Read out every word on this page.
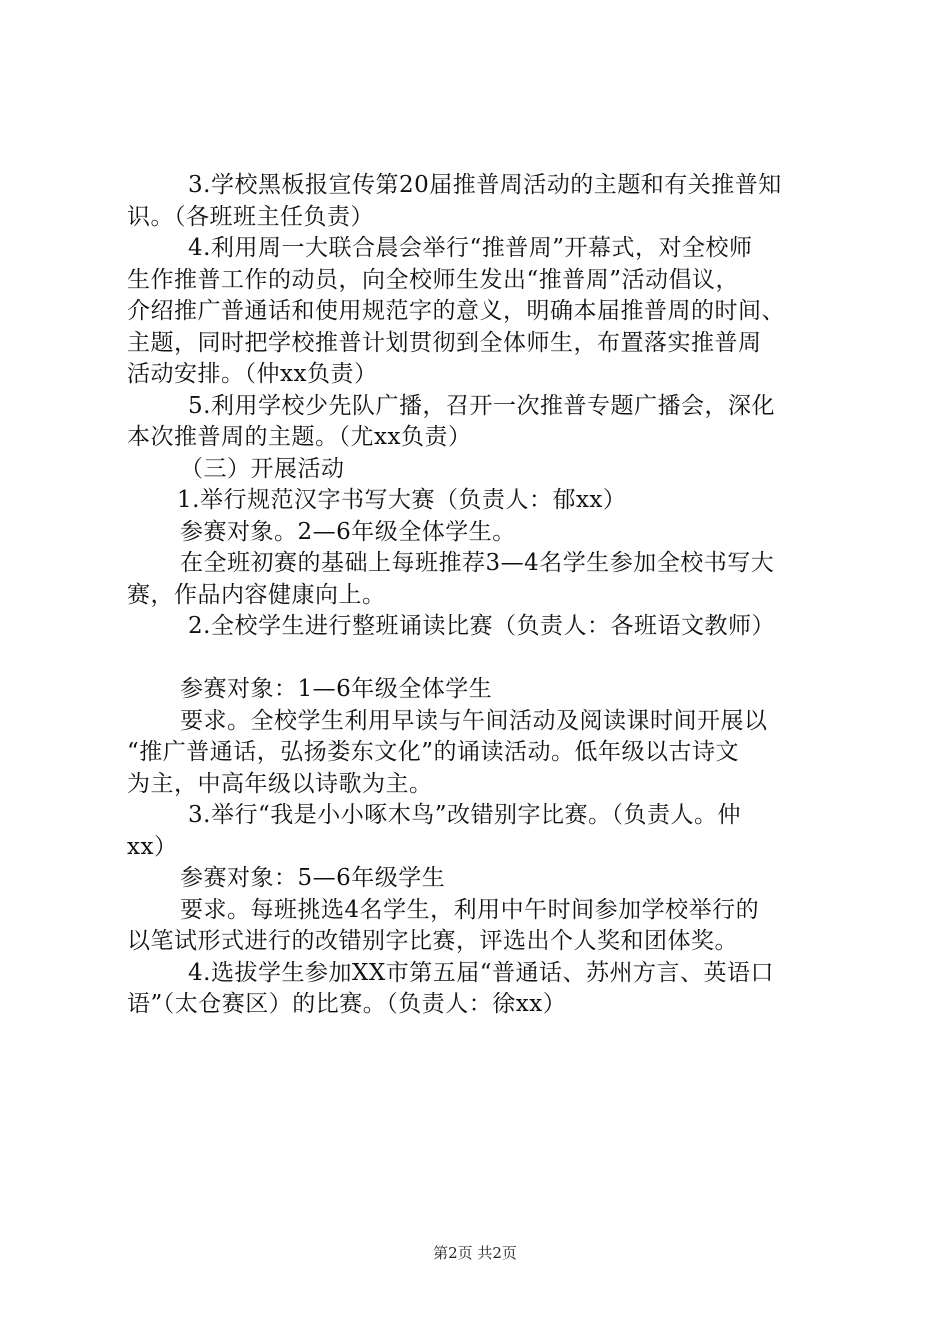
3.学校黑板报宣传第20届推普周活动的主题和有关推普知
识。（各班班主任负责）
4.利用周一大联合晨会举行“推普周”开幕式，对全校师
生作推普工作的动员，向全校师生发出“推普周”活动倡议，
介绍推广普通话和使用规范字的意义，明确本届推普周的时间、
主题，同时把学校推普计划贯彻到全体师生，布置落实推普周
活动安排。（仲xx负责）
5.利用学校少先队广播，召开一次推普专题广播会，深化
本次推普周的主题。（尤xx负责）
（三）开展活动
1.举行规范汉字书写大赛（负责人：郁xx）
参赛对象。2—6年级全体学生。
在全班初赛的基础上每班推荐3—4名学生参加全校书写大
赛，作品内容健康向上。
2.全校学生进行整班诵读比赛（负责人：各班语文教师）
参赛对象：1—6年级全体学生
要求。全校学生利用早读与午间活动及阅读课时间开展以
“推广普通话，弘扬娄东文化”的诵读活动。低年级以古诗文
为主，中高年级以诗歌为主。
3.举行“我是小小啄木鸟”改错别字比赛。（负责人。仲
xx）
参赛对象：5—6年级学生
要求。每班挑选4名学生，利用中午时间参加学校举行的
以笔试形式进行的改错别字比赛，评选出个人奖和团体奖。
4.选拔学生参加XX市第五届“普通话、苏州方言、英语口
语”（太仓赛区）的比赛。（负责人：徐xx）
第2页 共2页
